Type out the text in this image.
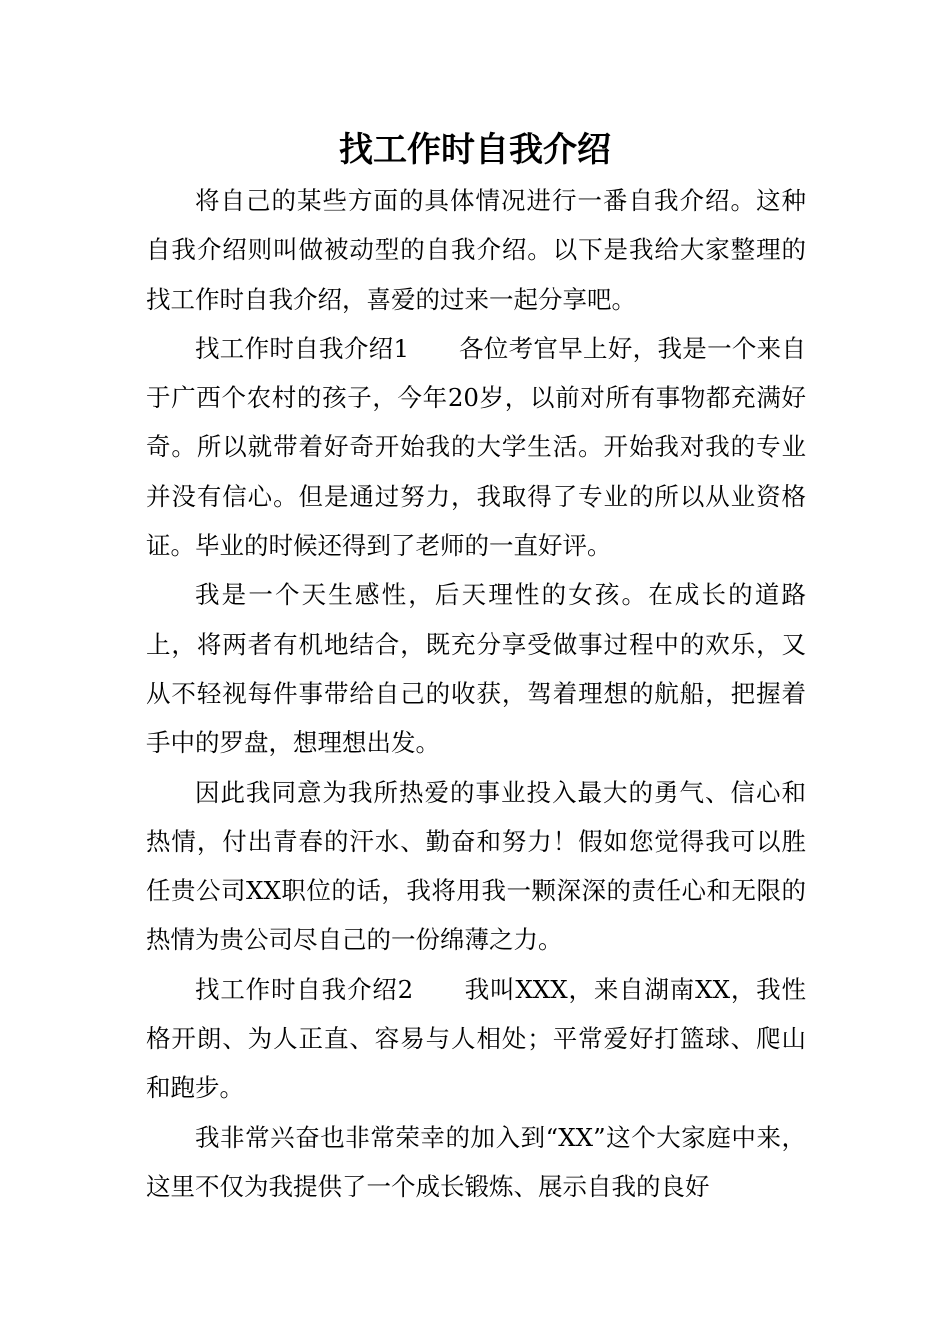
找工作时自我介绍

将自己的某些方面的具体情况进行一番自我介绍。这种自我介绍则叫做被动型的自我介绍。以下是我给大家整理的找工作时自我介绍，喜爱的过来一起分享吧。

找工作时自我介绍1　　各位考官早上好，我是一个来自于广西个农村的孩子，今年20岁，以前对所有事物都充满好奇。所以就带着好奇开始我的大学生活。开始我对我的专业并没有信心。但是通过努力，我取得了专业的所以从业资格证。毕业的时候还得到了老师的一直好评。

我是一个天生感性，后天理性的女孩。在成长的道路上，将两者有机地结合，既充分享受做事过程中的欢乐，又从不轻视每件事带给自己的收获，驾着理想的航船，把握着手中的罗盘，想理想出发。

因此我同意为我所热爱的事业投入最大的勇气、信心和热情，付出青春的汗水、勤奋和努力！假如您觉得我可以胜任贵公司XX职位的话，我将用我一颗深深的责任心和无限的热情为贵公司尽自己的一份绵薄之力。

找工作时自我介绍2　　我叫XXX，来自湖南XX，我性格开朗、为人正直、容易与人相处；平常爱好打篮球、爬山和跑步。

我非常兴奋也非常荣幸的加入到“XX”这个大家庭中来，这里不仅为我提供了一个成长锻炼、展示自我的良好
